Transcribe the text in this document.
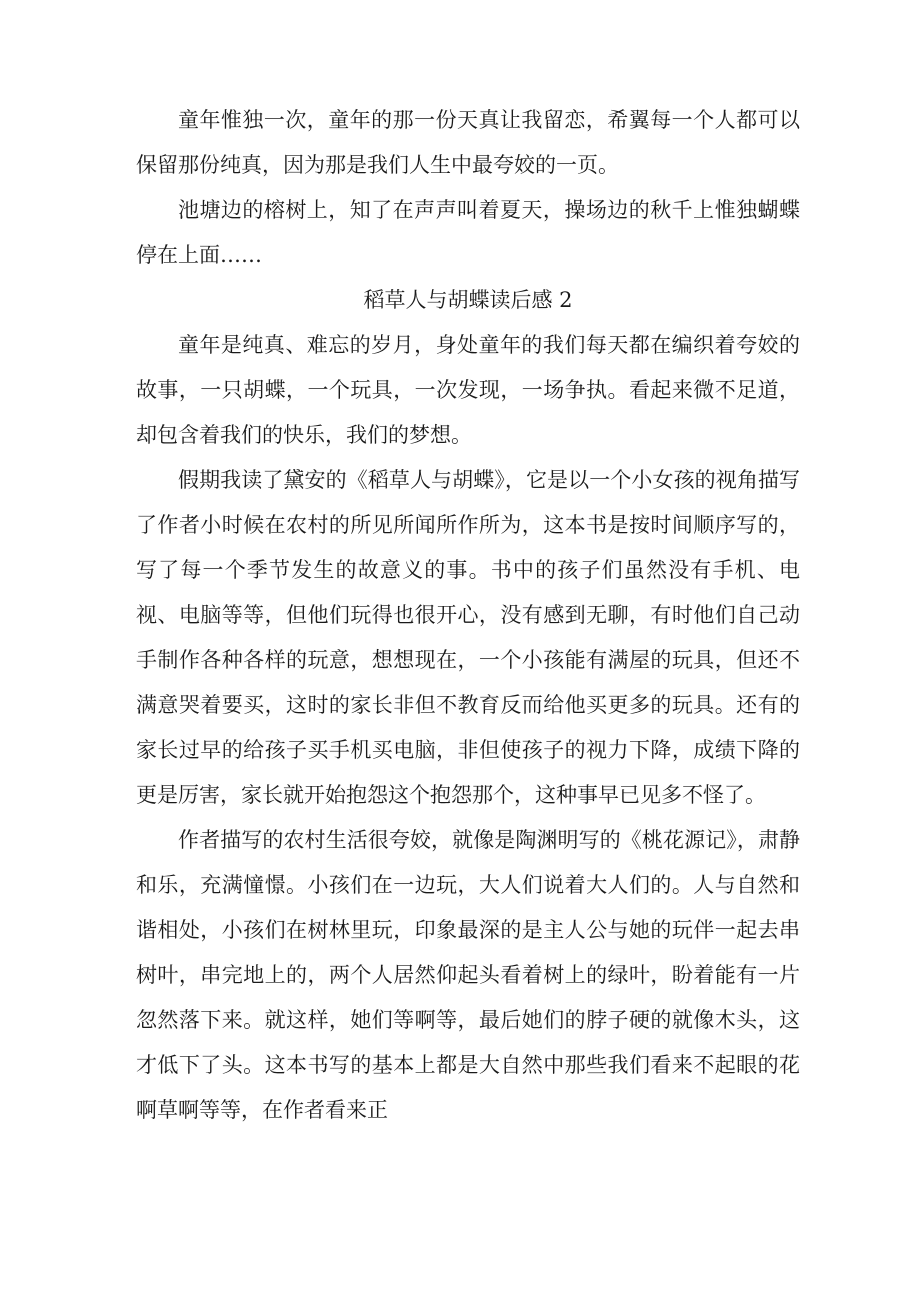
童年惟独一次，童年的那一份天真让我留恋，希翼每一个人都可以保留那份纯真，因为那是我们人生中最夸姣的一页。

池塘边的榕树上，知了在声声叫着夏天，操场边的秋千上惟独蝴蝶停在上面……

稻草人与胡蝶读后感 2

童年是纯真、难忘的岁月，身处童年的我们每天都在编织着夸姣的故事，一只胡蝶，一个玩具，一次发现，一场争执。看起来微不足道，却包含着我们的快乐，我们的梦想。

假期我读了黛安的《稻草人与胡蝶》，它是以一个小女孩的视角描写了作者小时候在农村的所见所闻所作所为，这本书是按时间顺序写的，写了每一个季节发生的故意义的事。书中的孩子们虽然没有手机、电视、电脑等等，但他们玩得也很开心，没有感到无聊，有时他们自己动手制作各种各样的玩意，想想现在，一个小孩能有满屋的玩具，但还不满意哭着要买，这时的家长非但不教育反而给他买更多的玩具。还有的家长过早的给孩子买手机买电脑，非但使孩子的视力下降，成绩下降的更是厉害，家长就开始抱怨这个抱怨那个，这种事早已见多不怪了。

作者描写的农村生活很夸姣，就像是陶渊明写的《桃花源记》，肃静和乐，充满憧憬。小孩们在一边玩，大人们说着大人们的。人与自然和谐相处，小孩们在树林里玩，印象最深的是主人公与她的玩伴一起去串树叶，串完地上的，两个人居然仰起头看着树上的绿叶，盼着能有一片忽然落下来。就这样，她们等啊等，最后她们的脖子硬的就像木头，这才低下了头。这本书写的基本上都是大自然中那些我们看来不起眼的花啊草啊等等，在作者看来正
